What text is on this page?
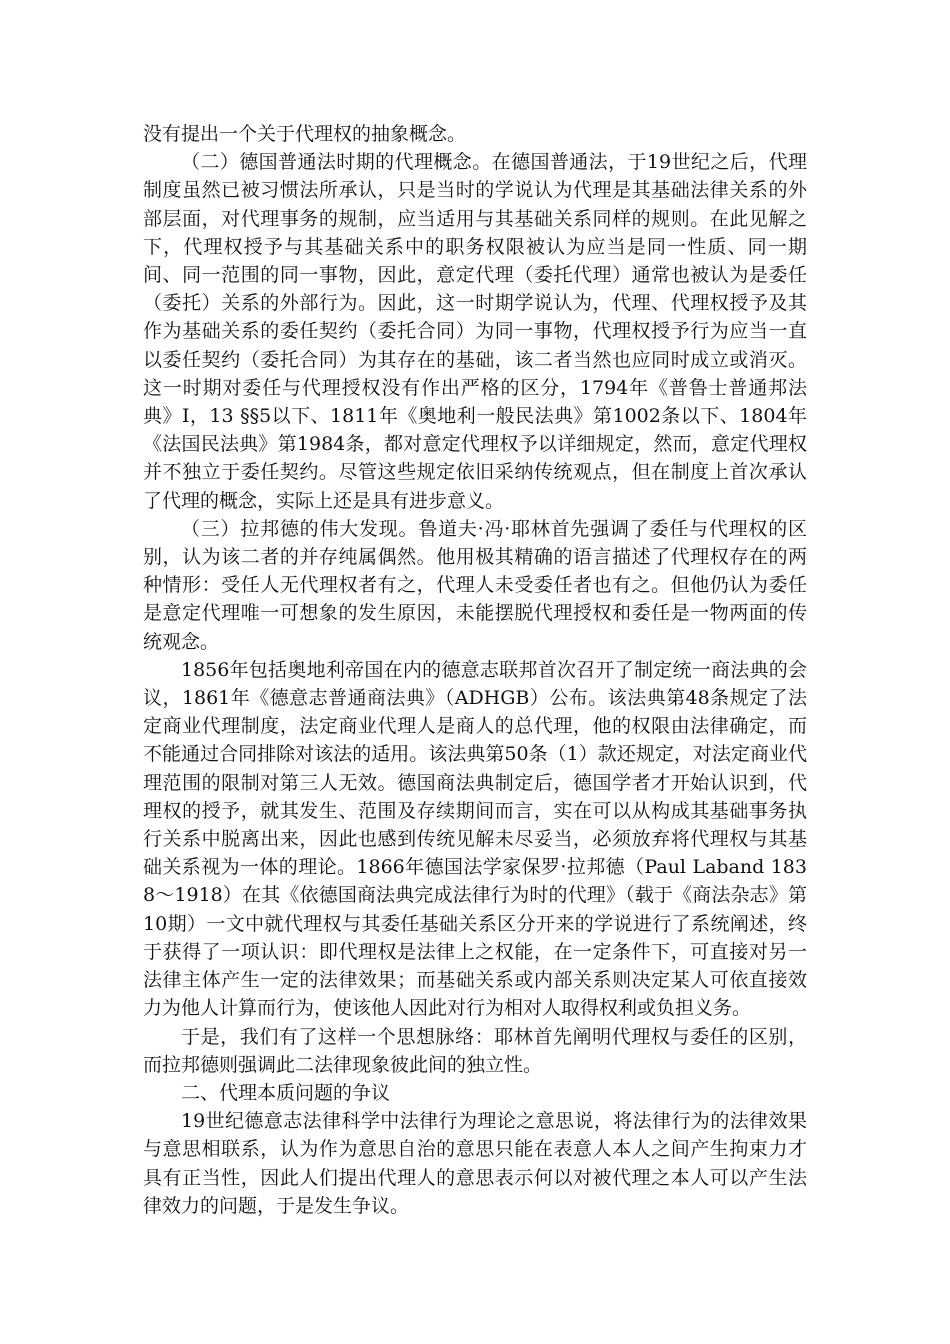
没有提出一个关于代理权的抽象概念。

（二）德国普通法时期的代理概念。在德国普通法，于19世纪之后，代理制度虽然已被习惯法所承认，只是当时的学说认为代理是其基础法律关系的外部层面，对代理事务的规制，应当适用与其基础关系同样的规则。在此见解之下，代理权授予与其基础关系中的职务权限被认为应当是同一性质、同一期间、同一范围的同一事物，因此，意定代理（委托代理）通常也被认为是委任（委托）关系的外部行为。因此，这一时期学说认为，代理、代理权授予及其作为基础关系的委任契约（委托合同）为同一事物，代理权授予行为应当一直以委任契约（委托合同）为其存在的基础，该二者当然也应同时成立或消灭。这一时期对委任与代理授权没有作出严格的区分，1794年《普鲁士普通邦法典》I，13 §§5以下、1811年《奥地利一般民法典》第1002条以下、1804年《法国民法典》第1984条，都对意定代理权予以详细规定，然而，意定代理权并不独立于委任契约。尽管这些规定依旧采纳传统观点，但在制度上首次承认了代理的概念，实际上还是具有进步意义。

（三）拉邦德的伟大发现。鲁道夫·冯·耶林首先强调了委任与代理权的区别，认为该二者的并存纯属偶然。他用极其精确的语言描述了代理权存在的两种情形：受任人无代理权者有之，代理人未受委任者也有之。但他仍认为委任是意定代理唯一可想象的发生原因，未能摆脱代理授权和委任是一物两面的传统观念。

1856年包括奥地利帝国在内的德意志联邦首次召开了制定统一商法典的会议，1861年《德意志普通商法典》（ADHGB）公布。该法典第48条规定了法定商业代理制度，法定商业代理人是商人的总代理，他的权限由法律确定，而不能通过合同排除对该法的适用。该法典第50条（1）款还规定，对法定商业代理范围的限制对第三人无效。德国商法典制定后，德国学者才开始认识到，代理权的授予，就其发生、范围及存续期间而言，实在可以从构成其基础事务执行关系中脱离出来，因此也感到传统见解未尽妥当，必须放弃将代理权与其基础关系视为一体的理论。1866年德国法学家保罗·拉邦德（Paul Laband 1838～1918）在其《依德国商法典完成法律行为时的代理》（载于《商法杂志》第10期）一文中就代理权与其委任基础关系区分开来的学说进行了系统阐述，终于获得了一项认识：即代理权是法律上之权能，在一定条件下，可直接对另一法律主体产生一定的法律效果；而基础关系或内部关系则决定某人可依直接效力为他人计算而行为，使该他人因此对行为相对人取得权利或负担义务。

于是，我们有了这样一个思想脉络：耶林首先阐明代理权与委任的区别，而拉邦德则强调此二法律现象彼此间的独立性。

二、代理本质问题的争议

19世纪德意志法律科学中法律行为理论之意思说，将法律行为的法律效果与意思相联系，认为作为意思自治的意思只能在表意人本人之间产生拘束力才具有正当性，因此人们提出代理人的意思表示何以对被代理之本人可以产生法律效力的问题，于是发生争议。
